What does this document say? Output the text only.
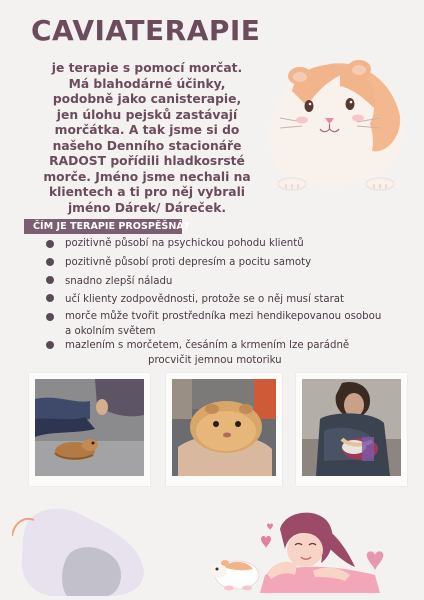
CAVIATERAPIE
je terapie s pomocí morčat.
Má blahodárné účinky,
podobně jako canisterapie,
jen úlohu pejsků zastávají
morčátka. A tak jsme si do
našeho Denního stacionáře
RADOST pořídili hladkosrsté
morče. Jméno jsme nechali na
klientech a ti pro něj vybrali
jméno Dárek/ Dáreček.
ČÍM JE TERAPIE PROSPĚŠNÁ?
pozitivně působí na psychickou pohodu klientů
pozitivně působí proti depresím a pocitu samoty
snadno zlepší náladu
učí klienty zodpovědnosti, protože se o něj musí starat
morče může tvořit prostředníka mezi hendikepovanou osobou
a okolním světem
mazlením s morčetem, česáním a krmením lze parádně
procvičit jemnou motoriku
